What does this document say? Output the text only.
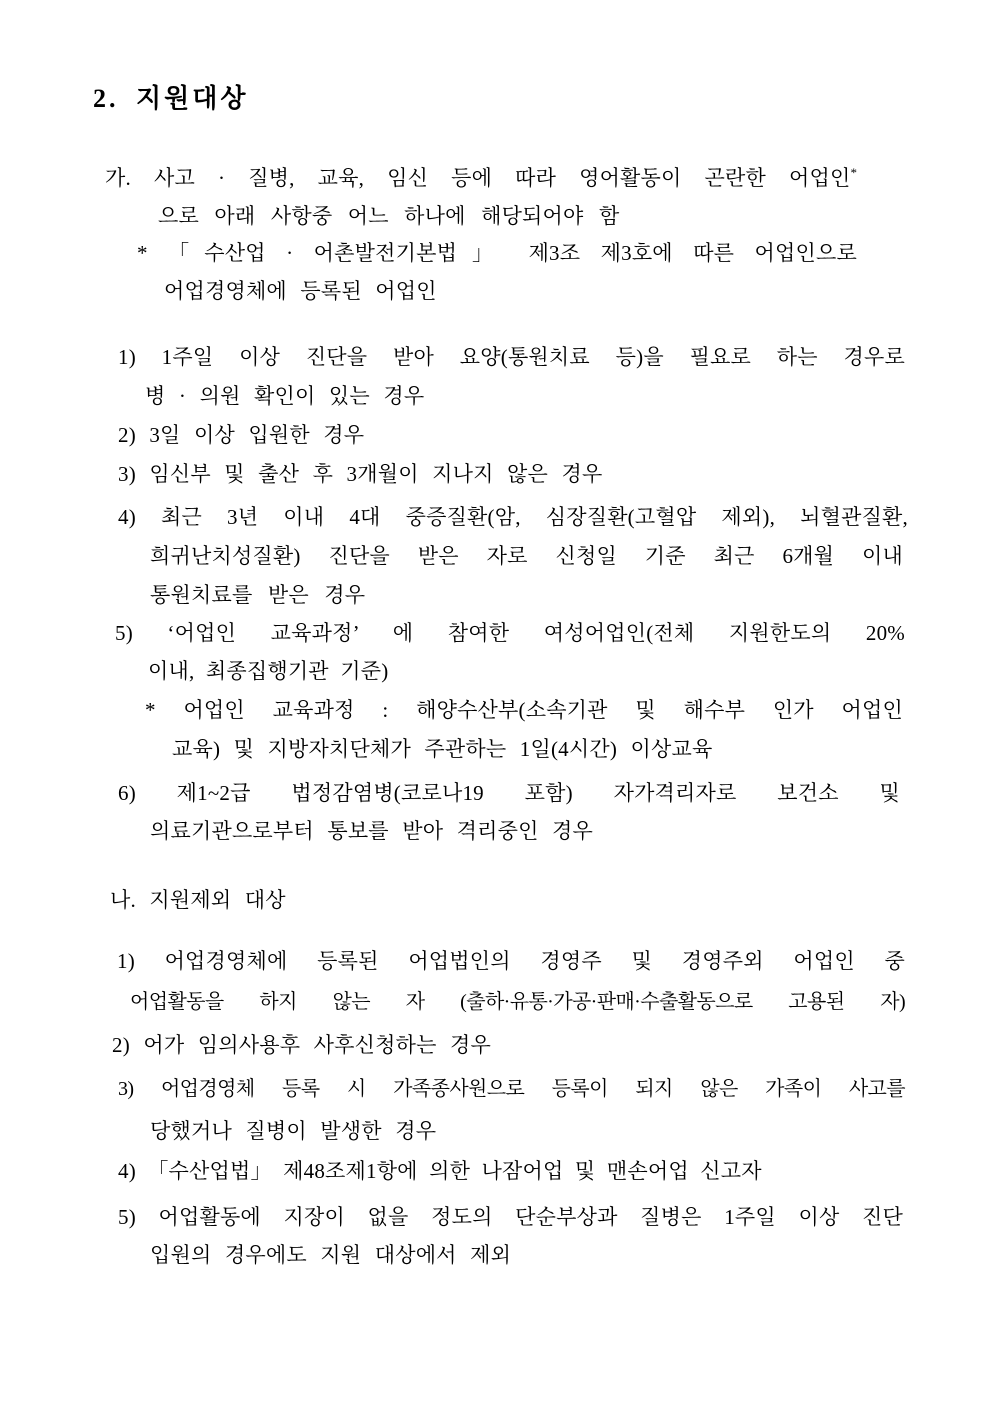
2. 지원대상
가. 사고 · 질병, 교육, 임신 등에 따라 영어활동이 곤란한 어업인*
으로 아래 사항중 어느 하나에 해당되어야 함
* 「수산업 · 어촌발전기본법」 제3조 제3호에 따른 어업인으로
어업경영체에 등록된 어업인
1) 1주일 이상 진단을 받아 요양(통원치료 등)을 필요로 하는 경우로
병 · 의원 확인이 있는 경우
2) 3일 이상 입원한 경우
3) 임신부 및 출산 후 3개월이 지나지 않은 경우
4) 최근 3년 이내 4대 중증질환(암, 심장질환(고혈압 제외), 뇌혈관질환,
희귀난치성질환) 진단을 받은 자로 신청일 기준 최근 6개월 이내
통원치료를 받은 경우
5) ‘어업인 교육과정’ 에 참여한 여성어업인(전체 지원한도의 20%
이내, 최종집행기관 기준)
* 어업인 교육과정 : 해양수산부(소속기관 및 해수부 인가 어업인
교육) 및 지방자치단체가 주관하는 1일(4시간) 이상교육
6) 제1~2급 법정감염병(코로나19 포함) 자가격리자로 보건소 및
의료기관으로부터 통보를 받아 격리중인 경우
나. 지원제외 대상
1) 어업경영체에 등록된 어업법인의 경영주 및 경영주외 어업인 중
어업활동을 하지 않는 자 (출하·유통·가공·판매·수출활동으로 고용된 자)
2) 어가 임의사용후 사후신청하는 경우
3) 어업경영체 등록 시 가족종사원으로 등록이 되지 않은 가족이 사고를
당했거나 질병이 발생한 경우
4) 「수산업법」 제48조제1항에 의한 나잠어업 및 맨손어업 신고자
5) 어업활동에 지장이 없을 정도의 단순부상과 질병은 1주일 이상 진단
입원의 경우에도 지원 대상에서 제외
